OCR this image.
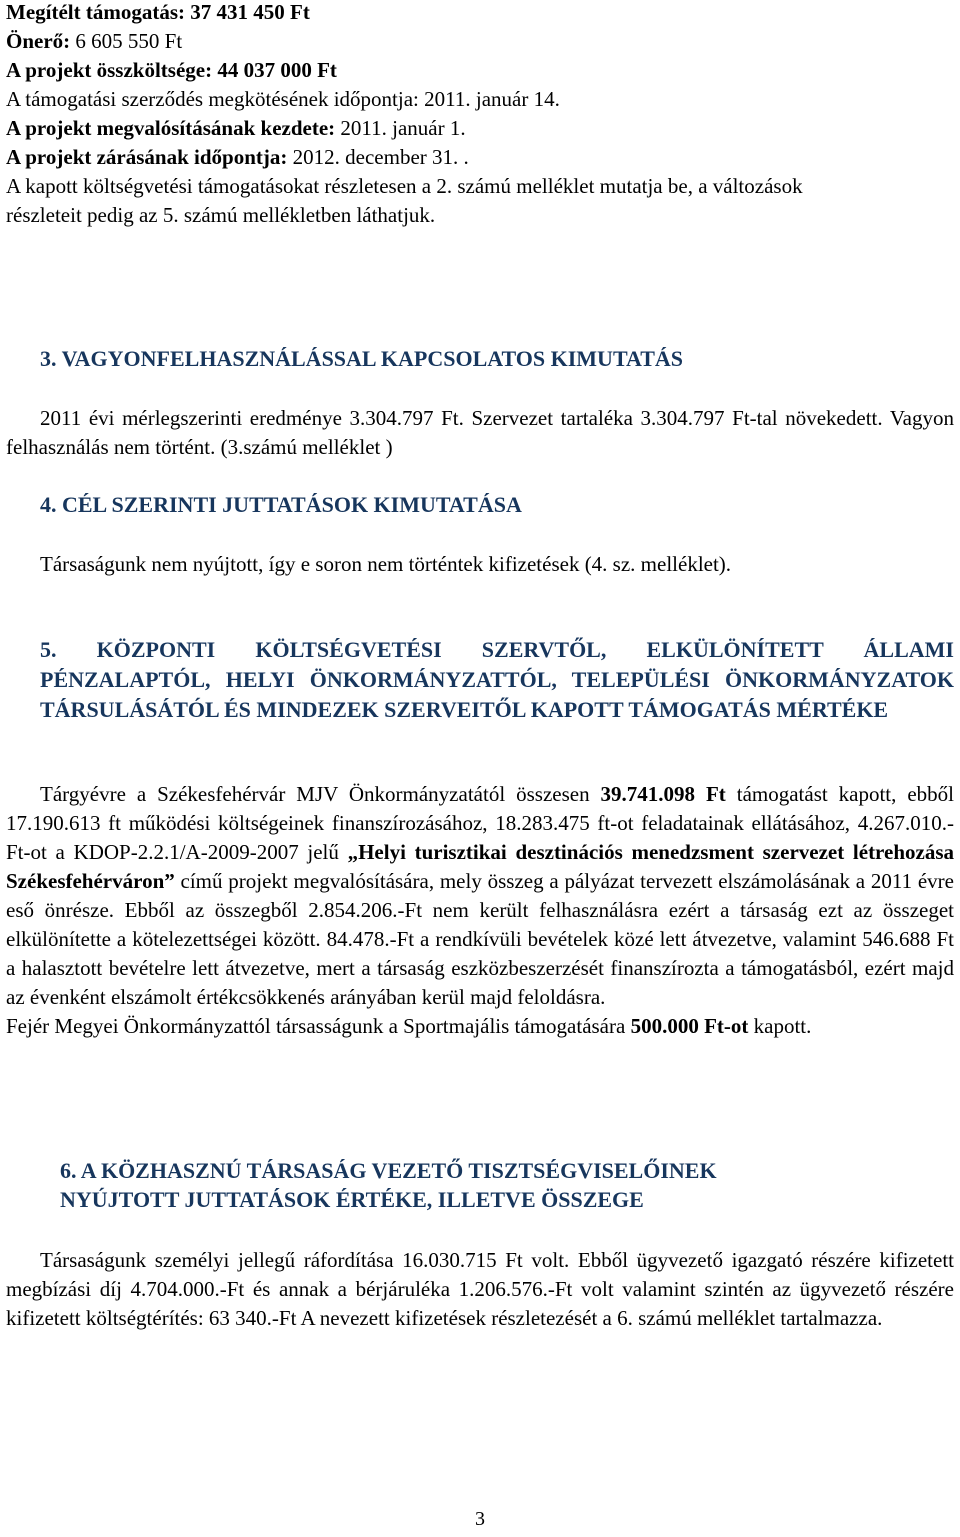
Megítélt támogatás: 37 431 450 Ft

Önerő: 6 605 550 Ft

A projekt összköltsége: 44 037 000 Ft

A támogatási szerződés megkötésének időpontja: 2011. január 14.

A projekt megvalósításának kezdete: 2011. január 1.

A projekt zárásának időpontja: 2012. december 31. .

A kapott költségvetési támogatásokat részletesen a 2. számú melléklet mutatja be, a változások részleteit pedig az 5. számú mellékletben láthatjuk.

3. VAGYONFELHASZNÁLÁSSAL KAPCSOLATOS KIMUTATÁS

2011 évi mérlegszerinti eredménye 3.304.797 Ft. Szervezet tartaléka 3.304.797 Ft-tal növekedett. Vagyon felhasználás nem történt. (3.számú melléklet )

4. CÉL SZERINTI JUTTATÁSOK KIMUTATÁSA

Társaságunk nem nyújtott, így e soron nem történtek kifizetések (4. sz. melléklet).

5. KÖZPONTI KÖLTSÉGVETÉSI SZERVTŐL, ELKÜLÖNÍTETT ÁLLAMI PÉNZALAPTÓL, HELYI ÖNKORMÁNYZATTÓL, TELEPÜLÉSI ÖNKORMÁNYZATOK TÁRSULÁSÁTÓL ÉS MINDEZEK SZERVEITŐL KAPOTT TÁMOGATÁS MÉRTÉKE

Tárgyévre a Székesfehérvár MJV Önkormányzatától összesen 39.741.098 Ft támogatást kapott, ebből 17.190.613 ft működési költségeinek finanszírozásához, 18.283.475 ft-ot feladatainak ellátásához, 4.267.010.-Ft-ot a KDOP-2.2.1/A-2009-2007 jelű „Helyi turisztikai desztinációs menedzsment szervezet létrehozása Székesfehérváron” című projekt megvalósítására, mely összeg a pályázat tervezett elszámolásának a 2011 évre eső önrésze. Ebből az összegből 2.854.206.-Ft nem került felhasználásra ezért a társaság ezt az összeget elkülönítette a kötelezettségei között. 84.478.-Ft a rendkívüli bevételek közé lett átvezetve, valamint 546.688 Ft a halasztott bevételre lett átvezetve, mert a társaság eszközbeszerzését finanszírozta a támogatásból, ezért majd az évenként elszámolt értékcsökkenés arányában kerül majd feloldásra.

Fejér Megyei Önkormányzattól társasságunk a Sportmajális támogatására 500.000 Ft-ot kapott.

6. A KÖZHASZNÚ TÁRSASÁG VEZETŐ TISZTSÉGVISELŐINEK
NYÚJTOTT JUTTATÁSOK ÉRTÉKE, ILLETVE ÖSSZEGE

Társaságunk személyi jellegű ráfordítása 16.030.715 Ft volt. Ebből ügyvezető igazgató részére kifizetett megbízási díj 4.704.000.-Ft és annak a bérjáruléka 1.206.576.-Ft volt valamint szintén az ügyvezető részére kifizetett költségtérítés: 63 340.-Ft A nevezett kifizetések részletezését a 6. számú melléklet tartalmazza.

3
